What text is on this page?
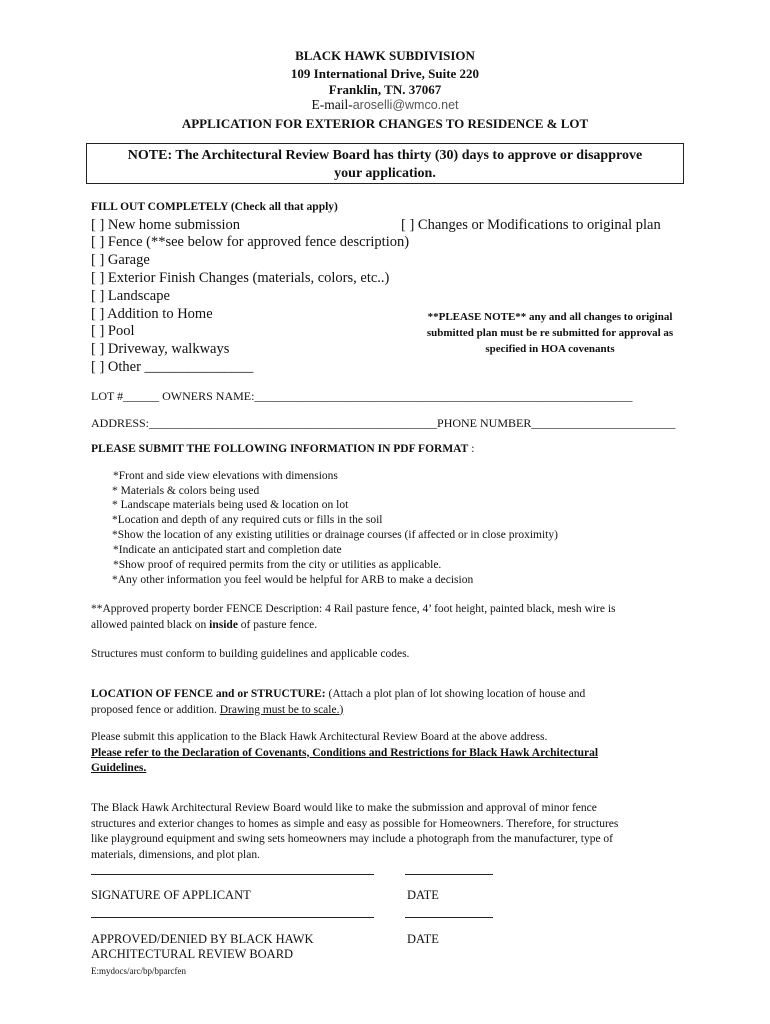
BLACK HAWK SUBDIVISION
109 International Drive, Suite 220
Franklin, TN. 37067
E-mail-aroselli@wmco.net
APPLICATION FOR EXTERIOR CHANGES TO RESIDENCE & LOT
NOTE: The Architectural Review Board has thirty (30) days to approve or disapprove
your application.
FILL OUT COMPLETELY (Check all that apply)
[ ] New home submission	[ ] Changes or Modifications to original plan
[ ] Fence (**see below for approved fence description)
[ ] Garage
[ ] Exterior Finish Changes (materials, colors, etc..)
[ ] Landscape
[ ] Addition to Home
[ ] Pool
[ ] Driveway, walkways
[ ] Other _______________
**PLEASE NOTE** any and all changes to original
submitted plan must be re submitted for approval as
specified in HOA covenants
LOT #______ OWNERS NAME:_______________________________________________________________
ADDRESS:________________________________________________PHONE NUMBER________________________
PLEASE SUBMIT THE FOLLOWING INFORMATION IN PDF FORMAT :
*Front and side view elevations with dimensions
* Materials & colors being used
* Landscape materials being used & location on lot
*Location and depth of any required cuts or fills in the soil
*Show the location of any existing utilities or drainage courses (if affected or in close proximity)
*Indicate an anticipated start and completion date
*Show proof of required permits from the city or utilities as applicable.
*Any other information you feel would be helpful for ARB to make a decision
**Approved property border FENCE Description: 4 Rail pasture fence, 4’ foot height, painted black, mesh wire is
allowed painted black on inside of pasture fence.
Structures must conform to building guidelines and applicable codes.
LOCATION OF FENCE and or STRUCTURE: (Attach a plot plan of lot showing location of house and
proposed fence or addition. Drawing must be to scale.)
Please submit this application to the Black Hawk Architectural Review Board at the above address.
Please refer to the Declaration of Covenants, Conditions and Restrictions for Black Hawk Architectural
Guidelines.
The Black Hawk Architectural Review Board would like to make the submission and approval of minor fence
structures and exterior changes to homes as simple and easy as possible for Homeowners. Therefore, for structures
like playground equipment and swing sets homeowners may include a photograph from the manufacturer, type of
materials, dimensions, and plot plan.
SIGNATURE OF APPLICANT	DATE
APPROVED/DENIED BY BLACK HAWK
ARCHITECTURAL REVIEW BOARD
DATE
E:mydocs/arc/bp/bparcfen
